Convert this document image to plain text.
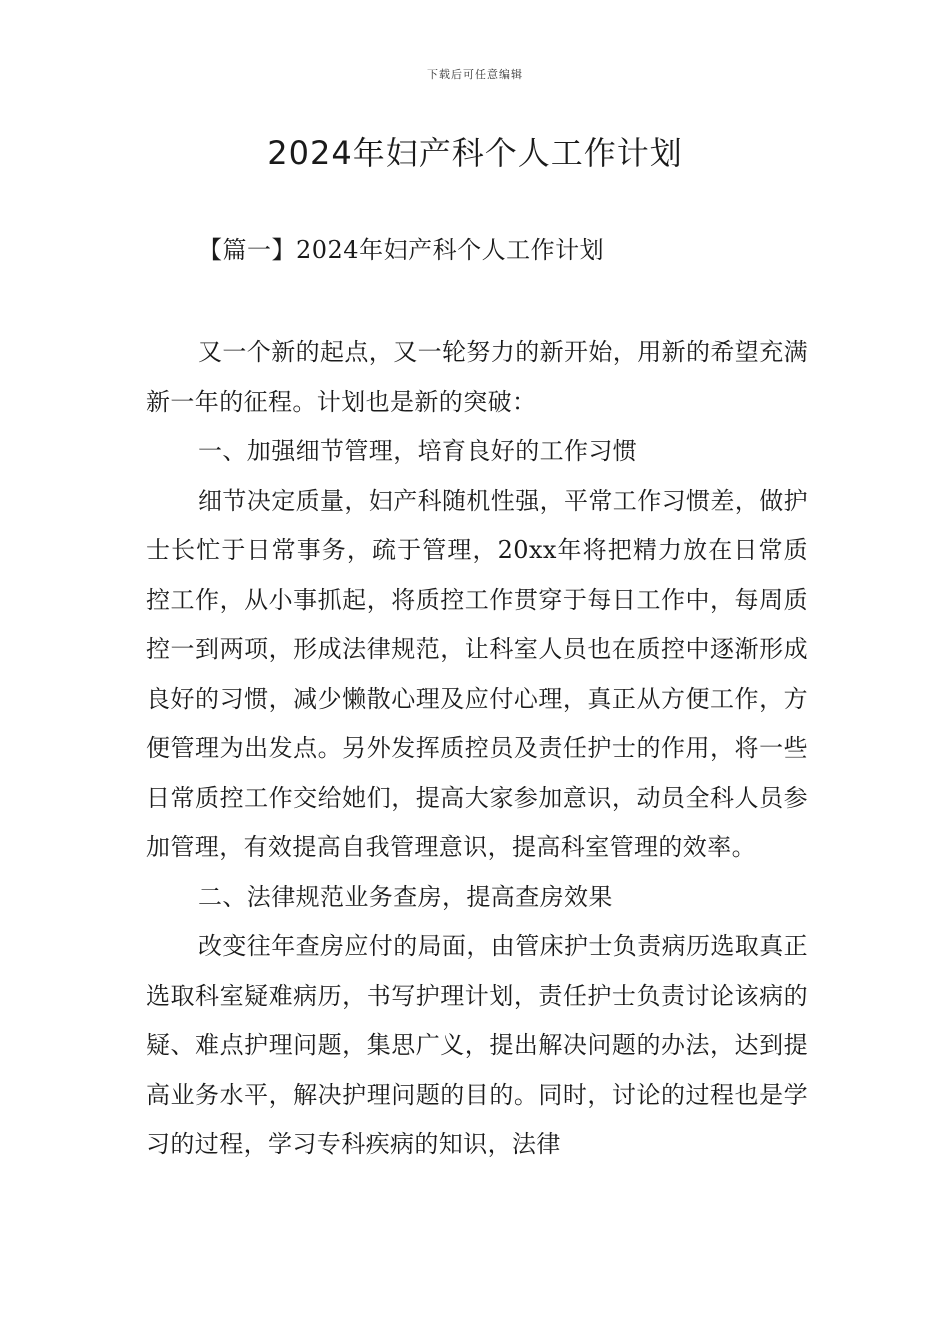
下载后可任意编辑
2024年妇产科个人工作计划
【篇一】2024年妇产科个人工作计划

又一个新的起点，又一轮努力的新开始，用新的希望充满新一年的征程。计划也是新的突破：

一、加强细节管理，培育良好的工作习惯

细节决定质量，妇产科随机性强，平常工作习惯差，做护士长忙于日常事务，疏于管理，20xx年将把精力放在日常质控工作，从小事抓起，将质控工作贯穿于每日工作中，每周质控一到两项，形成法律规范，让科室人员也在质控中逐渐形成良好的习惯，减少懒散心理及应付心理，真正从方便工作，方便管理为出发点。另外发挥质控员及责任护士的作用，将一些日常质控工作交给她们，提高大家参加意识，动员全科人员参加管理，有效提高自我管理意识，提高科室管理的效率。

二、法律规范业务查房，提高查房效果

改变往年查房应付的局面，由管床护士负责病历选取真正选取科室疑难病历，书写护理计划，责任护士负责讨论该病的疑、难点护理问题，集思广义，提出解决问题的办法，达到提高业务水平，解决护理问题的目的。同时，讨论的过程也是学习的过程，学习专科疾病的知识，法律
